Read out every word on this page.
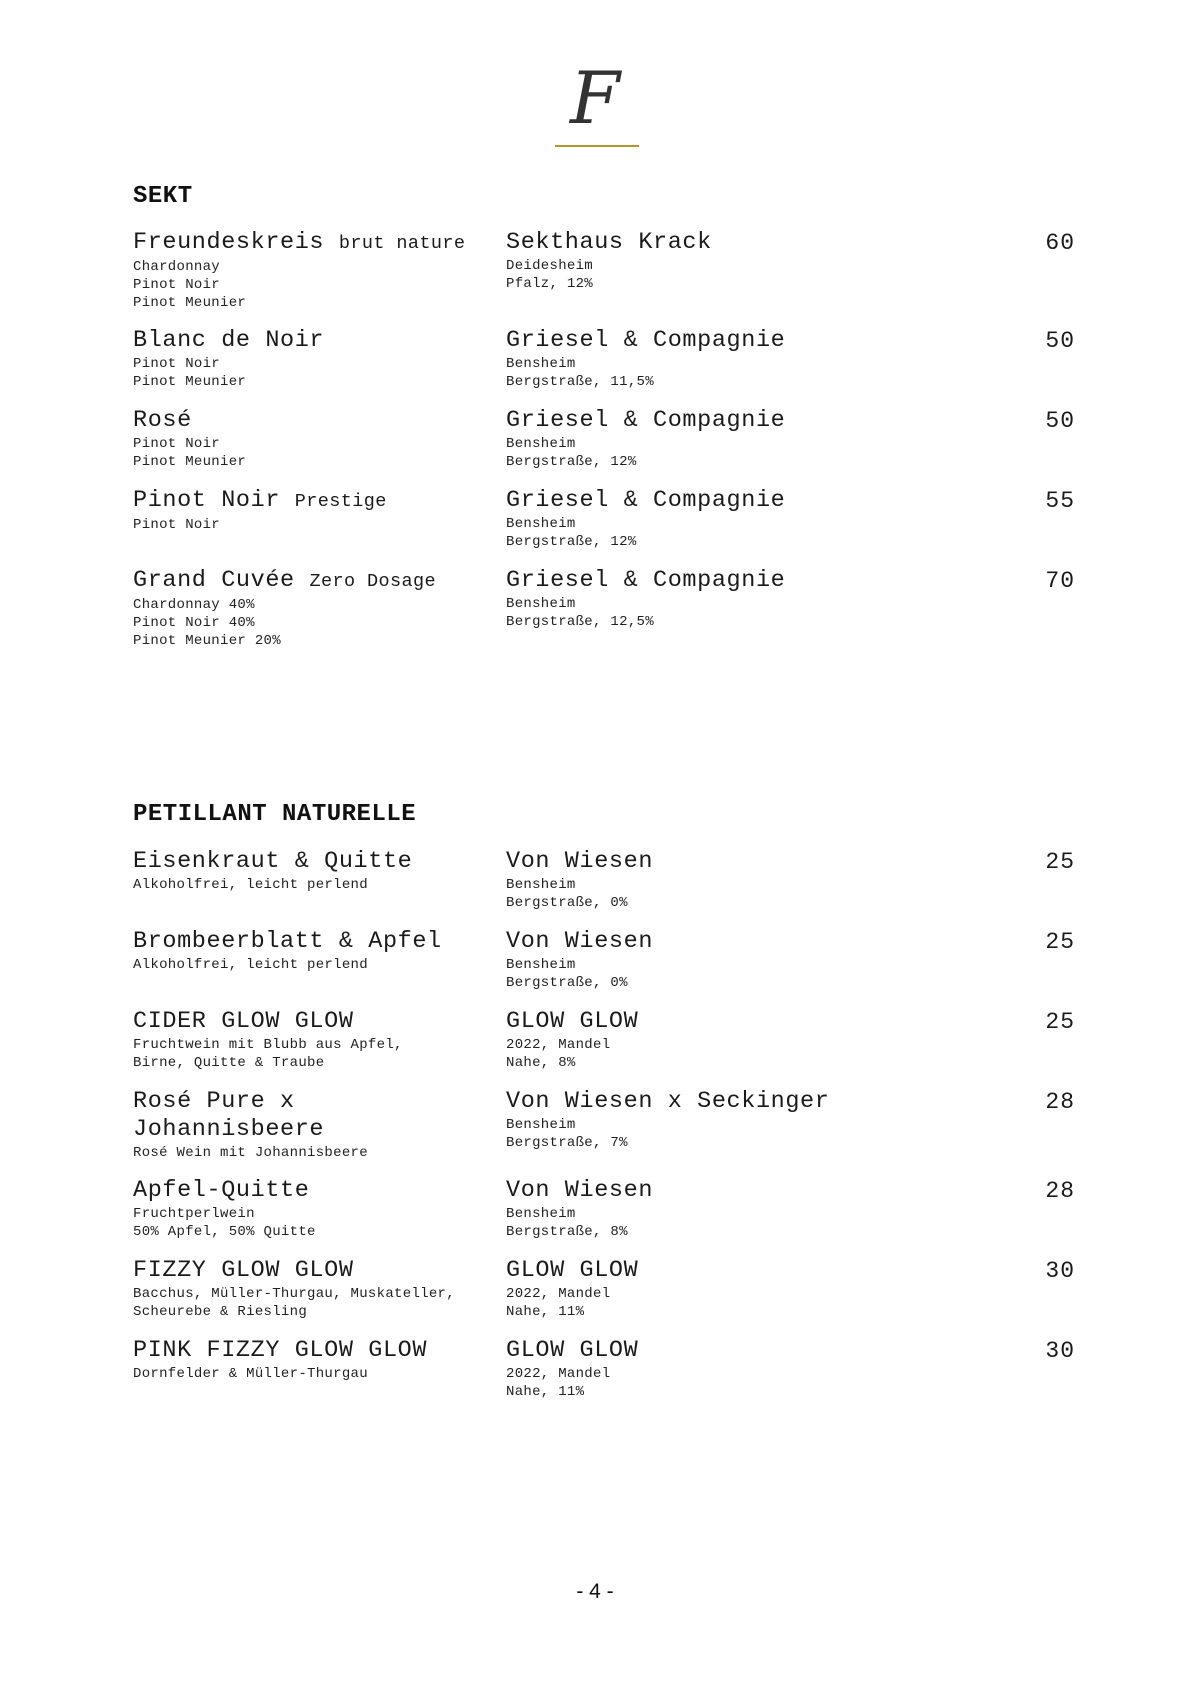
F
SEKT
Freundeskreis brut nature
Chardonnay
Pinot Noir
Pinot Meunier
Sekthaus Krack
Deidesheim
Pfalz, 12%
60
Blanc de Noir
Pinot Noir
Pinot Meunier
Griesel & Compagnie
Bensheim
Bergstraße, 11,5%
50
Rosé
Pinot Noir
Pinot Meunier
Griesel & Compagnie
Bensheim
Bergstraße, 12%
50
Pinot Noir Prestige
Pinot Noir
Griesel & Compagnie
Bensheim
Bergstraße, 12%
55
Grand Cuvée Zero Dosage
Chardonnay 40%
Pinot Noir 40%
Pinot Meunier 20%
Griesel & Compagnie
Bensheim
Bergstraße, 12,5%
70
PETILLANT NATURELLE
Eisenkraut & Quitte
Alkoholfrei, leicht perlend
Von Wiesen
Bensheim
Bergstraße, 0%
25
Brombeerblatt & Apfel
Alkoholfrei, leicht perlend
Von Wiesen
Bensheim
Bergstraße, 0%
25
CIDER GLOW GLOW
Fruchtwein mit Blubb aus Apfel,
Birne, Quitte & Traube
GLOW GLOW
2022, Mandel
Nahe, 8%
25
Rosé Pure x Johannisbeere
Rosé Wein mit Johannisbeere
Von Wiesen x Seckinger
Bensheim
Bergstraße, 7%
28
Apfel-Quitte
Fruchtperlwein
50% Apfel, 50% Quitte
Von Wiesen
Bensheim
Bergstraße, 8%
28
FIZZY GLOW GLOW
Bacchus, Müller-Thurgau, Muskateller,
Scheurebe & Riesling
GLOW GLOW
2022, Mandel
Nahe, 11%
30
PINK FIZZY GLOW GLOW
Dornfelder & Müller-Thurgau
GLOW GLOW
2022, Mandel
Nahe, 11%
30
- 4 -
